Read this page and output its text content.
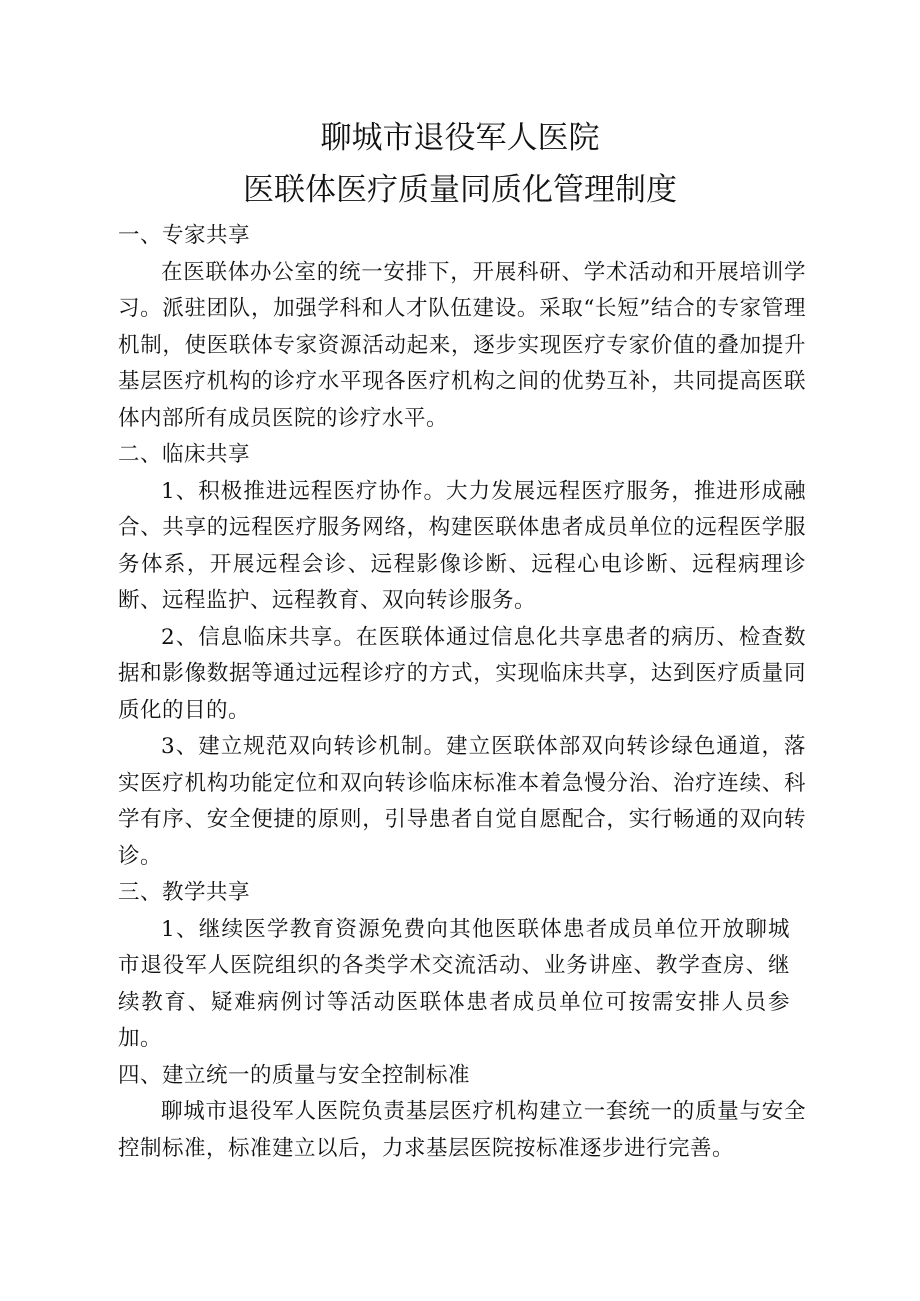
聊城市退役军人医院
医联体医疗质量同质化管理制度

一、专家共享

在医联体办公室的统一安排下，开展科研、学术活动和开展培训学习。派驻团队，加强学科和人才队伍建设。采取“长短”结合的专家管理机制，使医联体专家资源活动起来，逐步实现医疗专家价值的叠加提升基层医疗机构的诊疗水平现各医疗机构之间的优势互补，共同提高医联体内部所有成员医院的诊疗水平。

二、临床共享

1、积极推进远程医疗协作。大力发展远程医疗服务，推进形成融合、共享的远程医疗服务网络，构建医联体患者成员单位的远程医学服务体系，开展远程会诊、远程影像诊断、远程心电诊断、远程病理诊断、远程监护、远程教育、双向转诊服务。

2、信息临床共享。在医联体通过信息化共享患者的病历、检查数据和影像数据等通过远程诊疗的方式，实现临床共享，达到医疗质量同质化的目的。

3、建立规范双向转诊机制。建立医联体部双向转诊绿色通道，落实医疗机构功能定位和双向转诊临床标准本着急慢分治、治疗连续、科学有序、安全便捷的原则，引导患者自觉自愿配合，实行畅通的双向转诊。

三、教学共享

1、继续医学教育资源免费向其他医联体患者成员单位开放聊城市退役军人医院组织的各类学术交流活动、业务讲座、教学查房、继续教育、疑难病例讨等活动医联体患者成员单位可按需安排人员参加。

四、建立统一的质量与安全控制标准

聊城市退役军人医院负责基层医疗机构建立一套统一的质量与安全控制标准，标准建立以后，力求基层医院按标准逐步进行完善。
